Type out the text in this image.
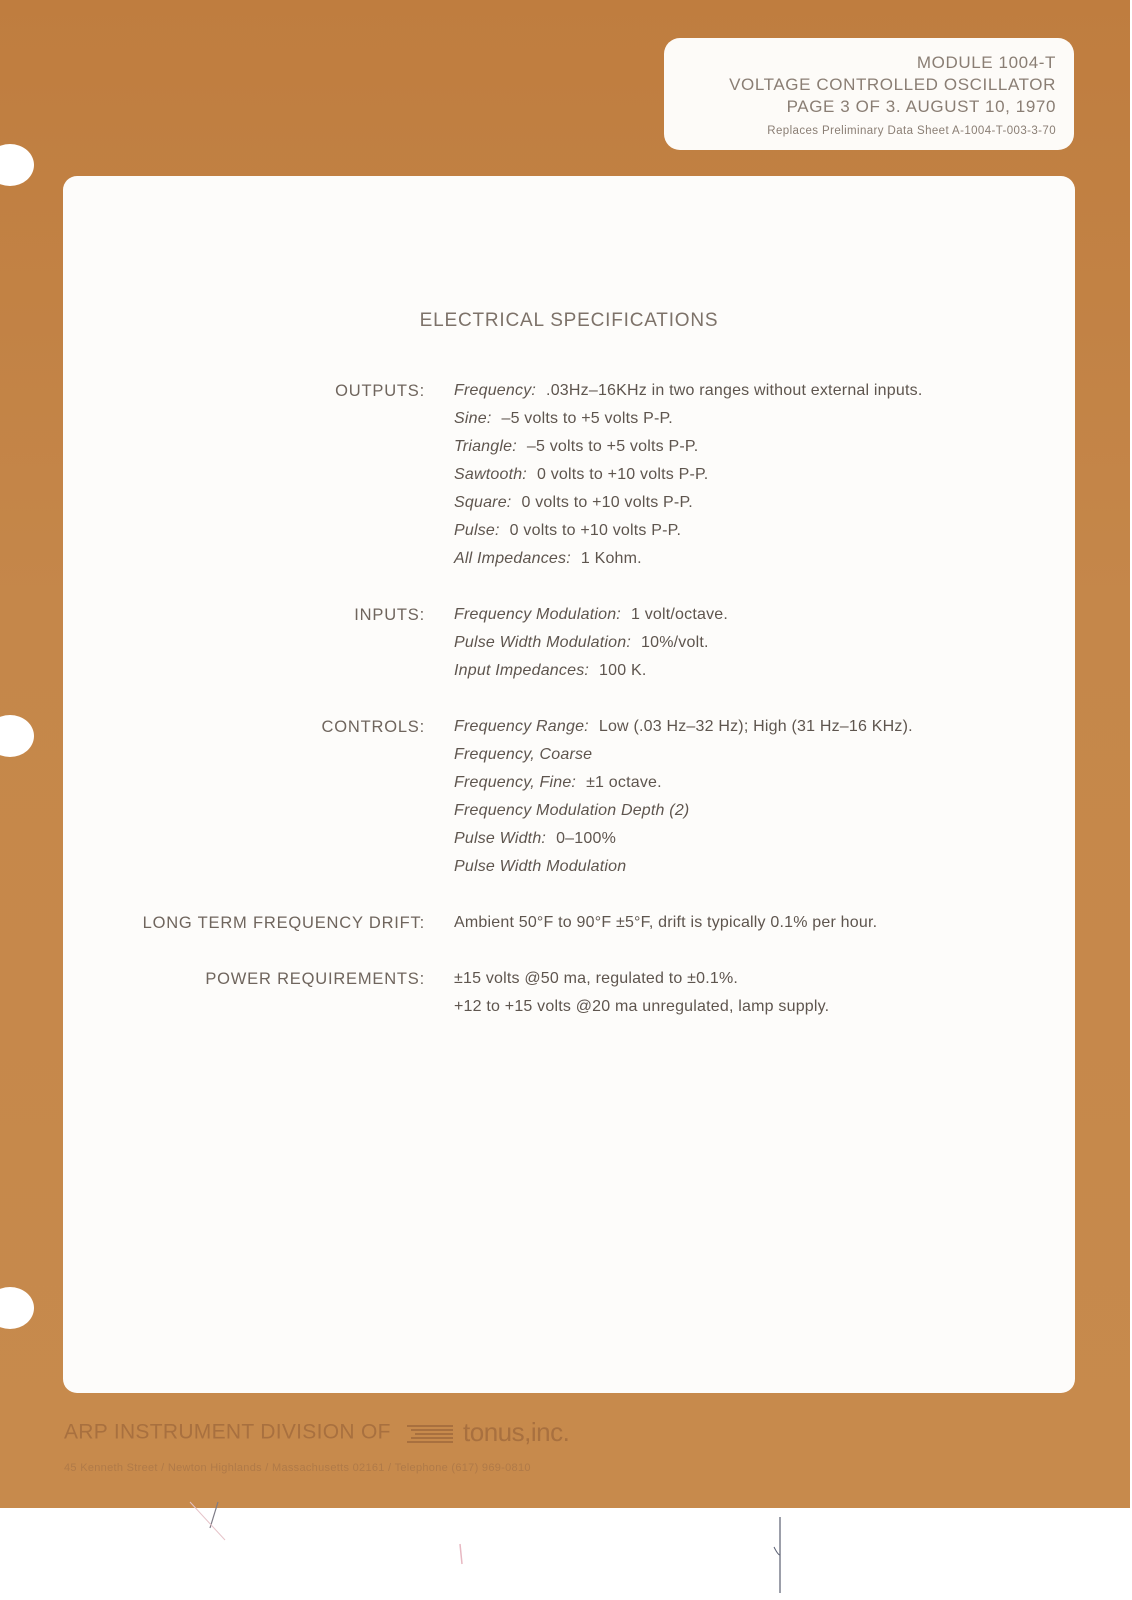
MODULE 1004-T

VOLTAGE CONTROLLED OSCILLATOR

PAGE 3 OF 3. AUGUST 10, 1970

Replaces Preliminary Data Sheet A-1004-T-003-3-70

ELECTRICAL SPECIFICATIONS

OUTPUTS: Frequency: .03Hz–16KHz in two ranges without external inputs.

Sine: –5 volts to +5 volts P-P.

Triangle: –5 volts to +5 volts P-P.

Sawtooth: 0 volts to +10 volts P-P.

Square: 0 volts to +10 volts P-P.

Pulse: 0 volts to +10 volts P-P.

All Impedances: 1 Kohm.

INPUTS: Frequency Modulation: 1 volt/octave.

Pulse Width Modulation: 10%/volt.

Input Impedances: 100 K.

CONTROLS: Frequency Range: Low (.03 Hz–32 Hz); High (31 Hz–16 KHz).

Frequency, Coarse

Frequency, Fine: ±1 octave.

Frequency Modulation Depth (2)

Pulse Width: 0–100%

Pulse Width Modulation

LONG TERM FREQUENCY DRIFT: Ambient 50°F to 90°F ±5°F, drift is typically 0.1% per hour.

POWER REQUIREMENTS: ±15 volts @50 ma, regulated to ±0.1%.

+12 to +15 volts @20 ma unregulated, lamp supply.

ARP INSTRUMENT DIVISION OF	tonus,inc.

45 Kenneth Street / Newton Highlands / Massachusetts 02161 / Telephone (617) 969-0810
